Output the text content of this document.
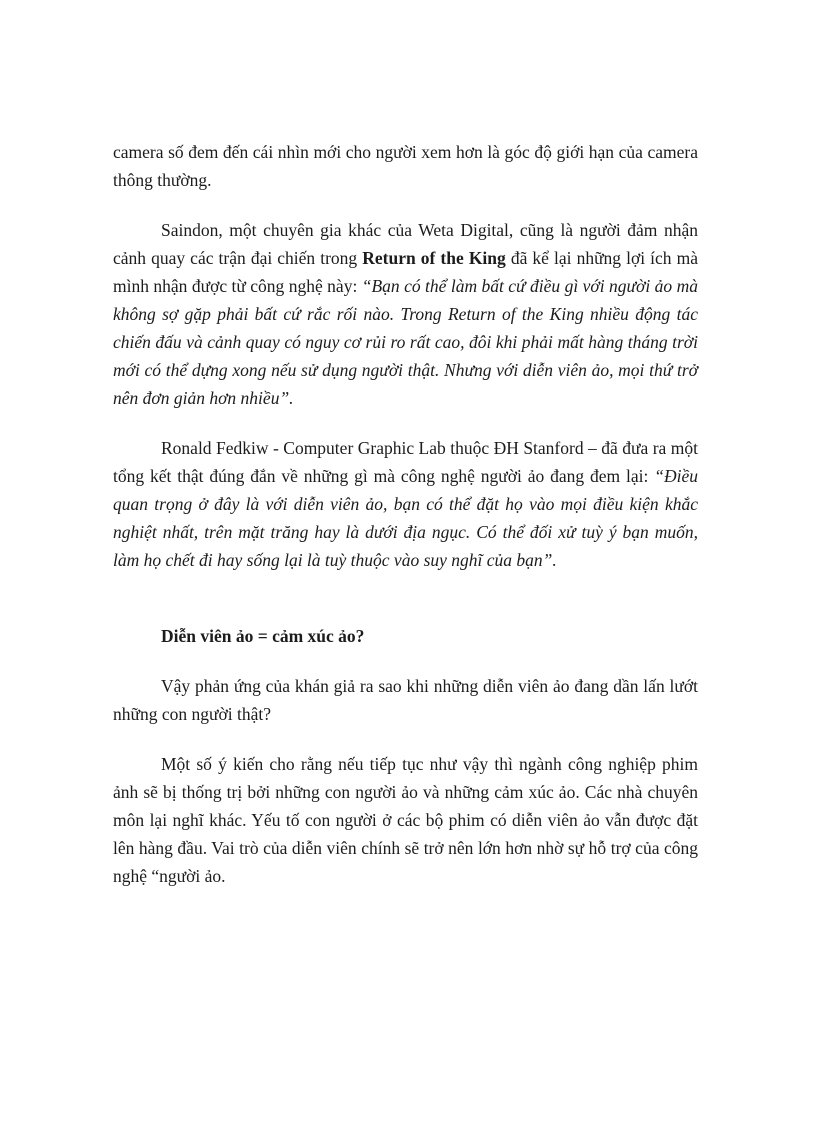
camera số đem đến cái nhìn mới cho người xem hơn là góc độ giới hạn của camera thông thường.

Saindon, một chuyên gia khác của Weta Digital, cũng là người đảm nhận cảnh quay các trận đại chiến trong Return of the King đã kể lại những lợi ích mà mình nhận được từ công nghệ này: “Bạn có thể làm bất cứ điều gì với người ảo mà không sợ gặp phải bất cứ rắc rối nào. Trong Return of the King nhiều động tác chiến đấu và cảnh quay có nguy cơ rủi ro rất cao, đôi khi phải mất hàng tháng trời mới có thể dựng xong nếu sử dụng người thật. Nhưng với diễn viên ảo, mọi thứ trở nên đơn giản hơn nhiều”.

Ronald Fedkiw - Computer Graphic Lab thuộc ĐH Stanford – đã đưa ra một tổng kết thật đúng đắn về những gì mà công nghệ người ảo đang đem lại: “Điều quan trọng ở đây là với diễn viên ảo, bạn có thể đặt họ vào mọi điều kiện khắc nghiệt nhất, trên mặt trăng hay là dưới địa ngục. Có thể đối xử tuỳ ý bạn muốn, làm họ chết đi hay sống lại là tuỳ thuộc vào suy nghĩ của bạn”.

Diễn viên ảo = cảm xúc ảo?

Vậy phản ứng của khán giả ra sao khi những diễn viên ảo đang dần lấn lướt những con người thật?

Một số ý kiến cho rằng nếu tiếp tục như vậy thì ngành công nghiệp phim ảnh sẽ bị thống trị bởi những con người ảo và những cảm xúc ảo. Các nhà chuyên môn lại nghĩ khác. Yếu tố con người ở các bộ phim có diễn viên ảo vẫn được đặt lên hàng đầu. Vai trò của diễn viên chính sẽ trở nên lớn hơn nhờ sự hỗ trợ của công nghệ “người ảo.
